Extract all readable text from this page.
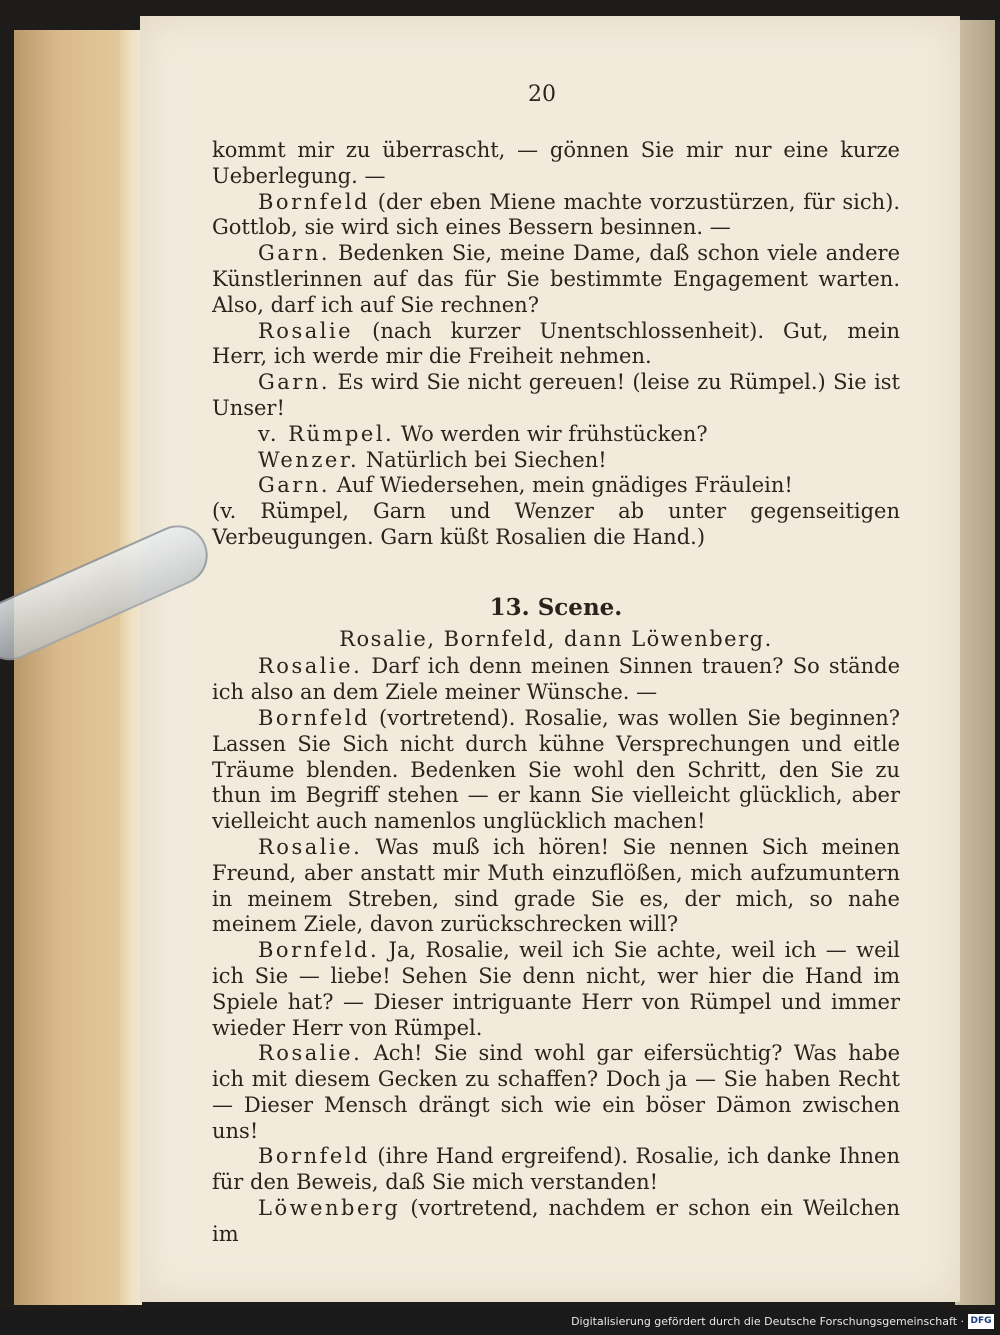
20

kommt mir zu überrascht, — gönnen Sie mir nur eine kurze Ueberlegung. —

Bornfeld (der eben Miene machte vorzustürzen, für sich). Gottlob, sie wird sich eines Bessern besinnen. —

Garn. Bedenken Sie, meine Dame, daß schon viele andere Künstlerinnen auf das für Sie bestimmte Engagement warten. Also, darf ich auf Sie rechnen?

Rosalie (nach kurzer Unentschlossenheit). Gut, mein Herr, ich werde mir die Freiheit nehmen.

Garn. Es wird Sie nicht gereuen! (leise zu Rümpel.) Sie ist Unser!

v. Rümpel. Wo werden wir frühstücken?

Wenzer. Natürlich bei Siechen!

Garn. Auf Wiedersehen, mein gnädiges Fräulein!

(v. Rümpel, Garn und Wenzer ab unter gegenseitigen Verbeugungen. Garn küßt Rosalien die Hand.)

13. Scene.

Rosalie, Bornfeld, dann Löwenberg.

Rosalie. Darf ich denn meinen Sinnen trauen? So stände ich also an dem Ziele meiner Wünsche. —

Bornfeld (vortretend). Rosalie, was wollen Sie beginnen? Lassen Sie Sich nicht durch kühne Versprechungen und eitle Träume blenden. Bedenken Sie wohl den Schritt, den Sie zu thun im Begriff stehen — er kann Sie vielleicht glücklich, aber vielleicht auch namenlos unglücklich machen!

Rosalie. Was muß ich hören! Sie nennen Sich meinen Freund, aber anstatt mir Muth einzuflößen, mich aufzumuntern in meinem Streben, sind grade Sie es, der mich, so nahe meinem Ziele, davon zurückschrecken will?

Bornfeld. Ja, Rosalie, weil ich Sie achte, weil ich — weil ich Sie — liebe! Sehen Sie denn nicht, wer hier die Hand im Spiele hat? — Dieser intriguante Herr von Rümpel und immer wieder Herr von Rümpel.

Rosalie. Ach! Sie sind wohl gar eifersüchtig? Was habe ich mit diesem Gecken zu schaffen? Doch ja — Sie haben Recht — Dieser Mensch drängt sich wie ein böser Dämon zwischen uns!

Bornfeld (ihre Hand ergreifend). Rosalie, ich danke Ihnen für den Beweis, daß Sie mich verstanden!

Löwenberg (vortretend, nachdem er schon ein Weilchen im

Digitalisierung gefördert durch die Deutsche Forschungsgemeinschaft · DFG
